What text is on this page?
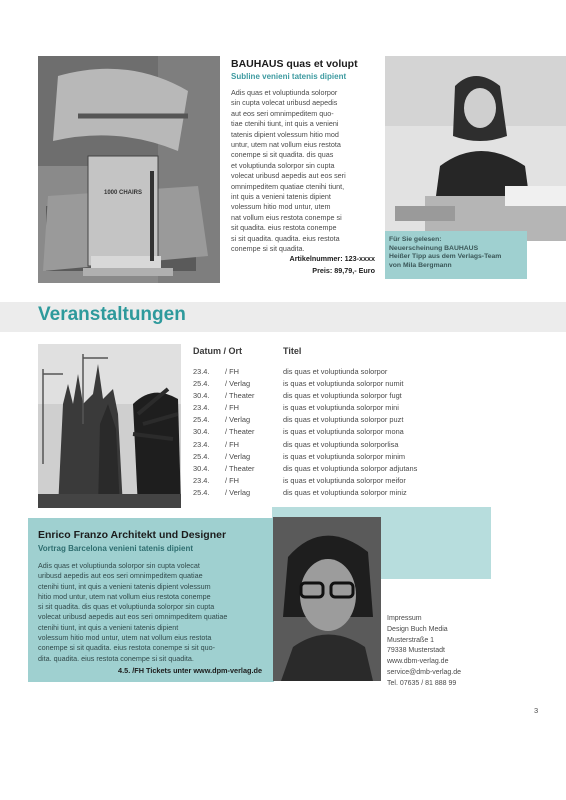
1000 CHAIRS
BAUHAUS quas et volupt
Subline venieni tatenis dipient
Adis quas et voluptiunda solorpor
sin cupta volecat uribusd aepedis
aut eos seri omnimpeditem quo-
tiae ctenihi tiunt, int quis a venieni
tatenis dipient volessum hitio mod
untur, utem nat vollum eius restota
conempe si sit quadita. dis quas
et voluptiunda solorpor sin cupta
volecat uribusd aepedis aut eos seri
omnimpeditem quatiae ctenihi tiunt,
int quis a venieni tatenis dipient
volessum hitio mod untur, utem
nat vollum eius restota conempe si
sit quadita. eius restota conempe
si sit quadita. quadita. eius restota
conempe si sit quadita.
Artikelnummer: 123-xxxx
Preis: 89,79,- Euro
Für Sie gelesen:
Neuerscheinung BAUHAUS
Heißer Tipp aus dem Verlags-Team
von Mila Bergmann
Veranstaltungen
Datum / Ort	Titel
23.4. / FH	dis quas et voluptiunda solorpor
25.4. / Verlag	is quas et voluptiunda solorpor numit
30.4. / Theater	dis quas et voluptiunda solorpor fugt
23.4. / FH	is quas et voluptiunda solorpor mini
25.4. / Verlag	dis quas et voluptiunda solorpor puzt
30.4. / Theater	is quas et voluptiunda solorpor mona
23.4. / FH	dis quas et voluptiunda solorporlisa
25.4. / Verlag	is quas et voluptiunda solorpor minim
30.4. / Theater	dis quas et voluptiunda solorpor adjutans
23.4. / FH	is quas et voluptiunda solorpor meifor
25.4. / Verlag	dis quas et voluptiunda solorpor miniz
Enrico Franzo Architekt und Designer
Vortrag Barcelona venieni tatenis dipient
Adis quas et voluptiunda solorpor sin cupta volecat
uribusd aepedis aut eos seri omnimpeditem quatiae
ctenihi tiunt, int quis a venieni tatenis dipient volessum
hitio mod untur, utem nat vollum eius restota conempe
si sit quadita. dis quas et voluptiunda solorpor sin cupta
volecat uribusd aepedis aut eos seri omnimpeditem quatiae
ctenihi tiunt, int quis a venieni tatenis dipient
volessum hitio mod untur, utem nat vollum eius restota
conempe si sit quadita. eius restota conempe si sit quo-
dita. quadita. eius restota conempe si sit quadita.
4.5. /FH Tickets unter www.dpm-verlag.de
Impressum
Design Buch Media
Musterstraße 1
79338 Musterstadt
www.dbm-verlag.de
service@dmb-verlag.de
Tel. 07635 / 81 888 99
3
